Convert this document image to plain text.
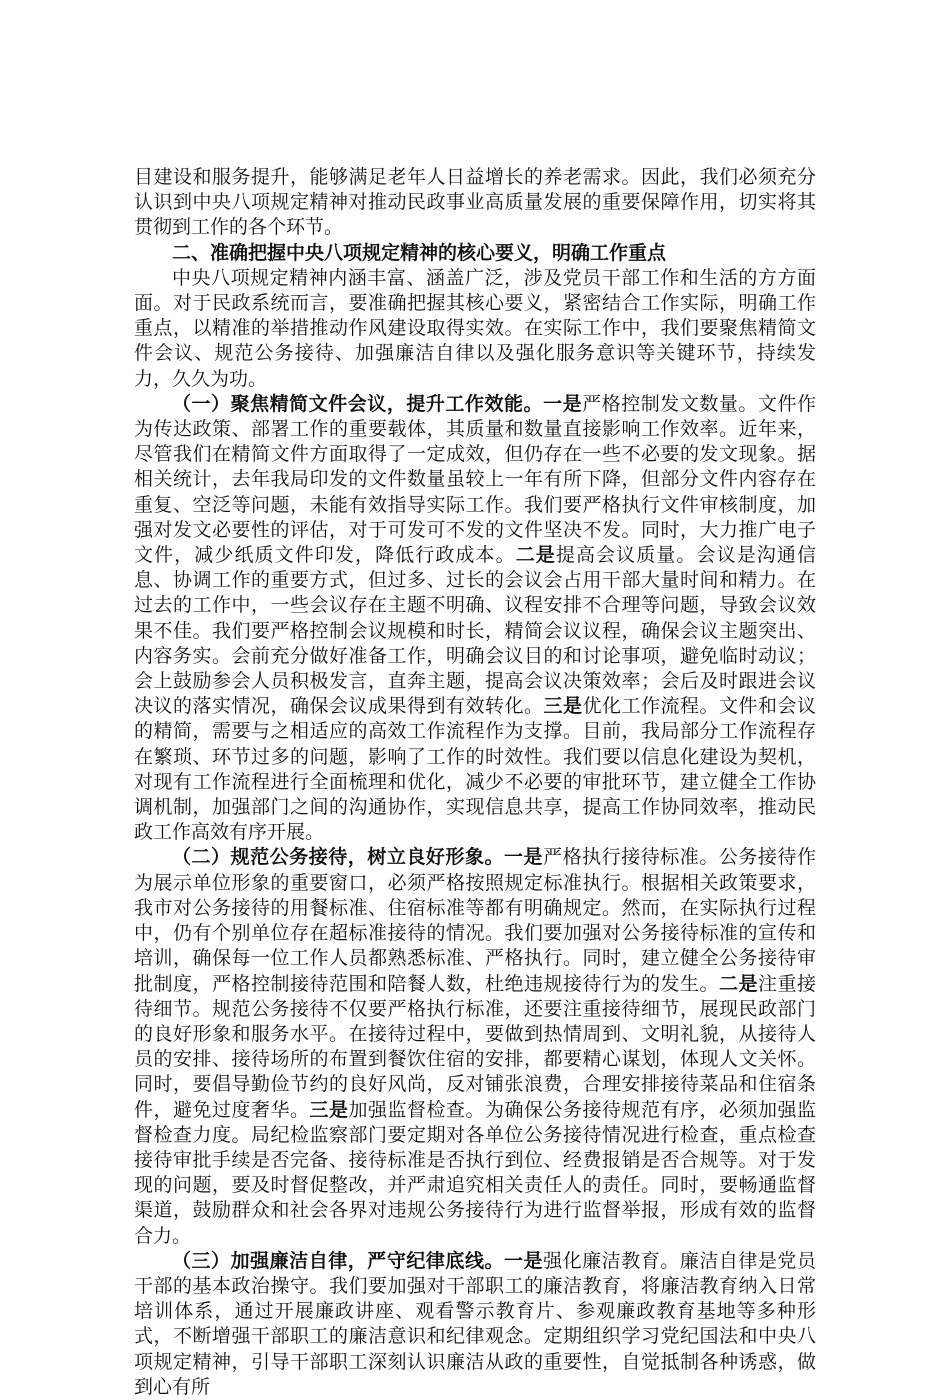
目建设和服务提升，能够满足老年人日益增长的养老需求。因此，我们必须充分认识到中央八项规定精神对推动民政事业高质量发展的重要保障作用，切实将其贯彻到工作的各个环节。

二、准确把握中央八项规定精神的核心要义，明确工作重点

中央八项规定精神内涵丰富、涵盖广泛，涉及党员干部工作和生活的方方面面。对于民政系统而言，要准确把握其核心要义，紧密结合工作实际，明确工作重点，以精准的举措推动作风建设取得实效。在实际工作中，我们要聚焦精简文件会议、规范公务接待、加强廉洁自律以及强化服务意识等关键环节，持续发力，久久为功。

（一）聚焦精简文件会议，提升工作效能。一是严格控制发文数量。文件作为传达政策、部署工作的重要载体，其质量和数量直接影响工作效率。近年来，尽管我们在精简文件方面取得了一定成效，但仍存在一些不必要的发文现象。据相关统计，去年我局印发的文件数量虽较上一年有所下降，但部分文件内容存在重复、空泛等问题，未能有效指导实际工作。我们要严格执行文件审核制度，加强对发文必要性的评估，对于可发可不发的文件坚决不发。同时，大力推广电子文件，减少纸质文件印发，降低行政成本。二是提高会议质量。会议是沟通信息、协调工作的重要方式，但过多、过长的会议会占用干部大量时间和精力。在过去的工作中，一些会议存在主题不明确、议程安排不合理等问题，导致会议效果不佳。我们要严格控制会议规模和时长，精简会议议程，确保会议主题突出、内容务实。会前充分做好准备工作，明确会议目的和讨论事项，避免临时动议；会上鼓励参会人员积极发言，直奔主题，提高会议决策效率；会后及时跟进会议决议的落实情况，确保会议成果得到有效转化。三是优化工作流程。文件和会议的精简，需要与之相适应的高效工作流程作为支撑。目前，我局部分工作流程存在繁琐、环节过多的问题，影响了工作的时效性。我们要以信息化建设为契机，对现有工作流程进行全面梳理和优化，减少不必要的审批环节，建立健全工作协调机制，加强部门之间的沟通协作，实现信息共享，提高工作协同效率，推动民政工作高效有序开展。

（二）规范公务接待，树立良好形象。一是严格执行接待标准。公务接待作为展示单位形象的重要窗口，必须严格按照规定标准执行。根据相关政策要求，我市对公务接待的用餐标准、住宿标准等都有明确规定。然而，在实际执行过程中，仍有个别单位存在超标准接待的情况。我们要加强对公务接待标准的宣传和培训，确保每一位工作人员都熟悉标准、严格执行。同时，建立健全公务接待审批制度，严格控制接待范围和陪餐人数，杜绝违规接待行为的发生。二是注重接待细节。规范公务接待不仅要严格执行标准，还要注重接待细节，展现民政部门的良好形象和服务水平。在接待过程中，要做到热情周到、文明礼貌，从接待人员的安排、接待场所的布置到餐饮住宿的安排，都要精心谋划，体现人文关怀。同时，要倡导勤俭节约的良好风尚，反对铺张浪费，合理安排接待菜品和住宿条件，避免过度奢华。三是加强监督检查。为确保公务接待规范有序，必须加强监督检查力度。局纪检监察部门要定期对各单位公务接待情况进行检查，重点检查接待审批手续是否完备、接待标准是否执行到位、经费报销是否合规等。对于发现的问题，要及时督促整改，并严肃追究相关责任人的责任。同时，要畅通监督渠道，鼓励群众和社会各界对违规公务接待行为进行监督举报，形成有效的监督合力。

（三）加强廉洁自律，严守纪律底线。一是强化廉洁教育。廉洁自律是党员干部的基本政治操守。我们要加强对干部职工的廉洁教育，将廉洁教育纳入日常培训体系，通过开展廉政讲座、观看警示教育片、参观廉政教育基地等多种形式，不断增强干部职工的廉洁意识和纪律观念。定期组织学习党纪国法和中央八项规定精神，引导干部职工深刻认识廉洁从政的重要性，自觉抵制各种诱惑，做到心有所
